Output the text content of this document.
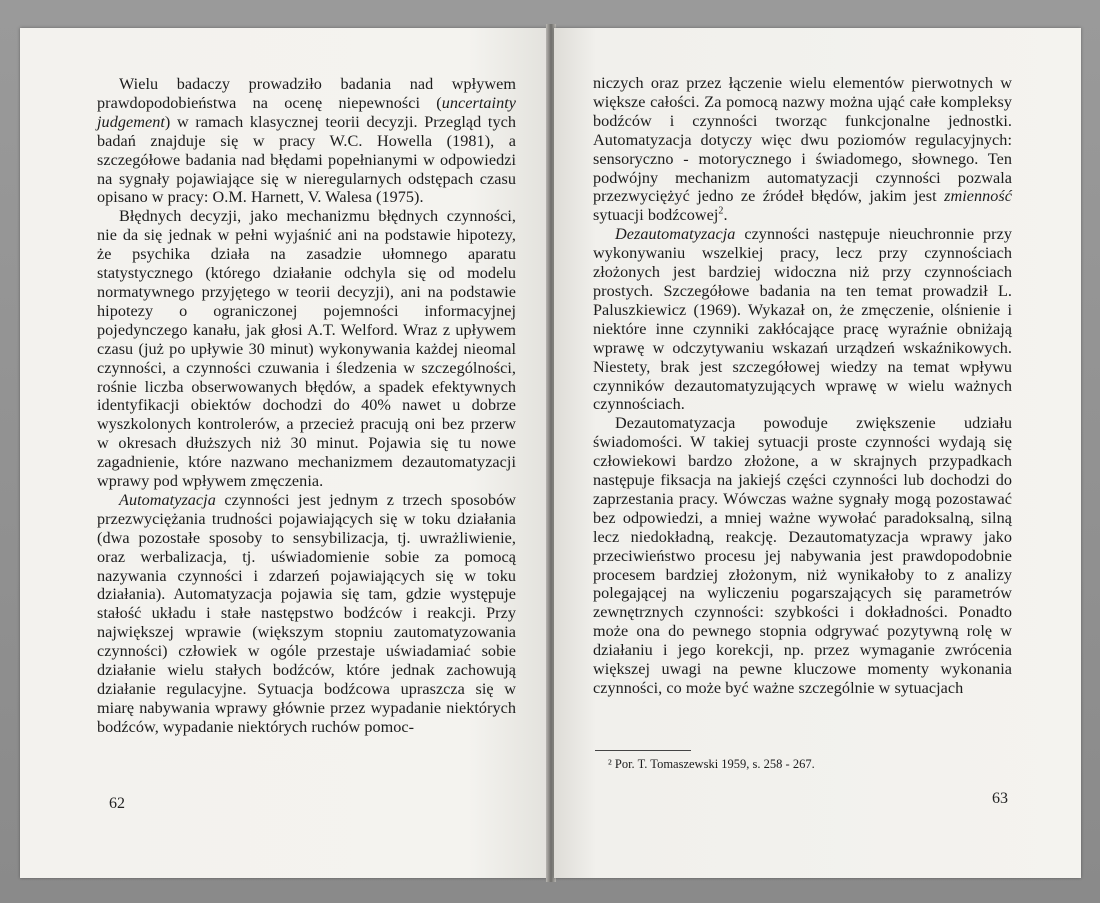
Wielu badaczy prowadziło badania nad wpływem prawdopodobieństwa na ocenę niepewności (uncertainty judgement) w ramach klasycznej teorii decyzji. Przegląd tych badań znajduje się w pracy W.C. Howella (1981), a szczegółowe badania nad błędami popełnianymi w odpowiedzi na sygnały pojawiające się w nieregularnych odstępach czasu opisano w pracy: O.M. Harnett, V. Walesa (1975).

Błędnych decyzji, jako mechanizmu błędnych czynności, nie da się jednak w pełni wyjaśnić ani na podstawie hipotezy, że psychika działa na zasadzie ułomnego aparatu statystycznego (którego działanie odchyla się od modelu normatywnego przyjętego w teorii decyzji), ani na podstawie hipotezy o ograniczonej pojemności informacyjnej pojedynczego kanału, jak głosi A.T. Welford. Wraz z upływem czasu (już po upływie 30 minut) wykonywania każdej nieomal czynności, a czynności czuwania i śledzenia w szczególności, rośnie liczba obserwowanych błędów, a spadek efektywnych identyfikacji obiektów dochodzi do 40% nawet u dobrze wyszkolonych kontrolerów, a przecież pracują oni bez przerw w okresach dłuższych niż 30 minut. Pojawia się tu nowe zagadnienie, które nazwano mechanizmem dezautomatyzacji wprawy pod wpływem zmęczenia.

Automatyzacja czynności jest jednym z trzech sposobów przezwyciężania trudności pojawiających się w toku działania (dwa pozostałe sposoby to sensybilizacja, tj. uwrażliwienie, oraz werbalizacja, tj. uświadomienie sobie za pomocą nazywania czynności i zdarzeń pojawiających się w toku działania). Automatyzacja pojawia się tam, gdzie występuje stałość układu i stałe następstwo bodźców i reakcji. Przy największej wprawie (większym stopniu zautomatyzowania czynności) człowiek w ogóle przestaje uświadamiać sobie działanie wielu stałych bodźców, które jednak zachowują działanie regulacyjne. Sytuacja bodźcowa upraszcza się w miarę nabywania wprawy głównie przez wypadanie niektórych bodźców, wypadanie niektórych ruchów pomoc-

62

niczych oraz przez łączenie wielu elementów pierwotnych w większe całości. Za pomocą nazwy można ująć całe kompleksy bodźców i czynności tworząc funkcjonalne jednostki. Automatyzacja dotyczy więc dwu poziomów regulacyjnych: sensoryczno - motorycznego i świadomego, słownego. Ten podwójny mechanizm automatyzacji czynności pozwala przezwyciężyć jedno ze źródeł błędów, jakim jest zmienność sytuacji bodźcowej$^2$.

Dezautomatyzacja czynności następuje nieuchronnie przy wykonywaniu wszelkiej pracy, lecz przy czynnościach złożonych jest bardziej widoczna niż przy czynnościach prostych. Szczegółowe badania na ten temat prowadził L. Paluszkiewicz (1969). Wykazał on, że zmęczenie, olśnienie i niektóre inne czynniki zakłócające pracę wyraźnie obniżają wprawę w odczytywaniu wskazań urządzeń wskaźnikowych. Niestety, brak jest szczegółowej wiedzy na temat wpływu czynników dezautomatyzujących wprawę w wielu ważnych czynnościach.

Dezautomatyzacja powoduje zwiększenie udziału świadomości. W takiej sytuacji proste czynności wydają się człowiekowi bardzo złożone, a w skrajnych przypadkach następuje fiksacja na jakiejś części czynności lub dochodzi do zaprzestania pracy. Wówczas ważne sygnały mogą pozostawać bez odpowiedzi, a mniej ważne wywołać paradoksalną, silną lecz niedokładną, reakcję. Dezautomatyzacja wprawy jako przeciwieństwo procesu jej nabywania jest prawdopodobnie procesem bardziej złożonym, niż wynikałoby to z analizy polegającej na wyliczeniu pogarszających się parametrów zewnętrznych czynności: szybkości i dokładności. Ponadto może ona do pewnego stopnia odgrywać pozytywną rolę w działaniu i jego korekcji, np. przez wymaganie zwrócenia większej uwagi na pewne kluczowe momenty wykonania czynności, co może być ważne szczególnie w sytuacjach

² Por. T. Tomaszewski 1959, s. 258 - 267.
63
